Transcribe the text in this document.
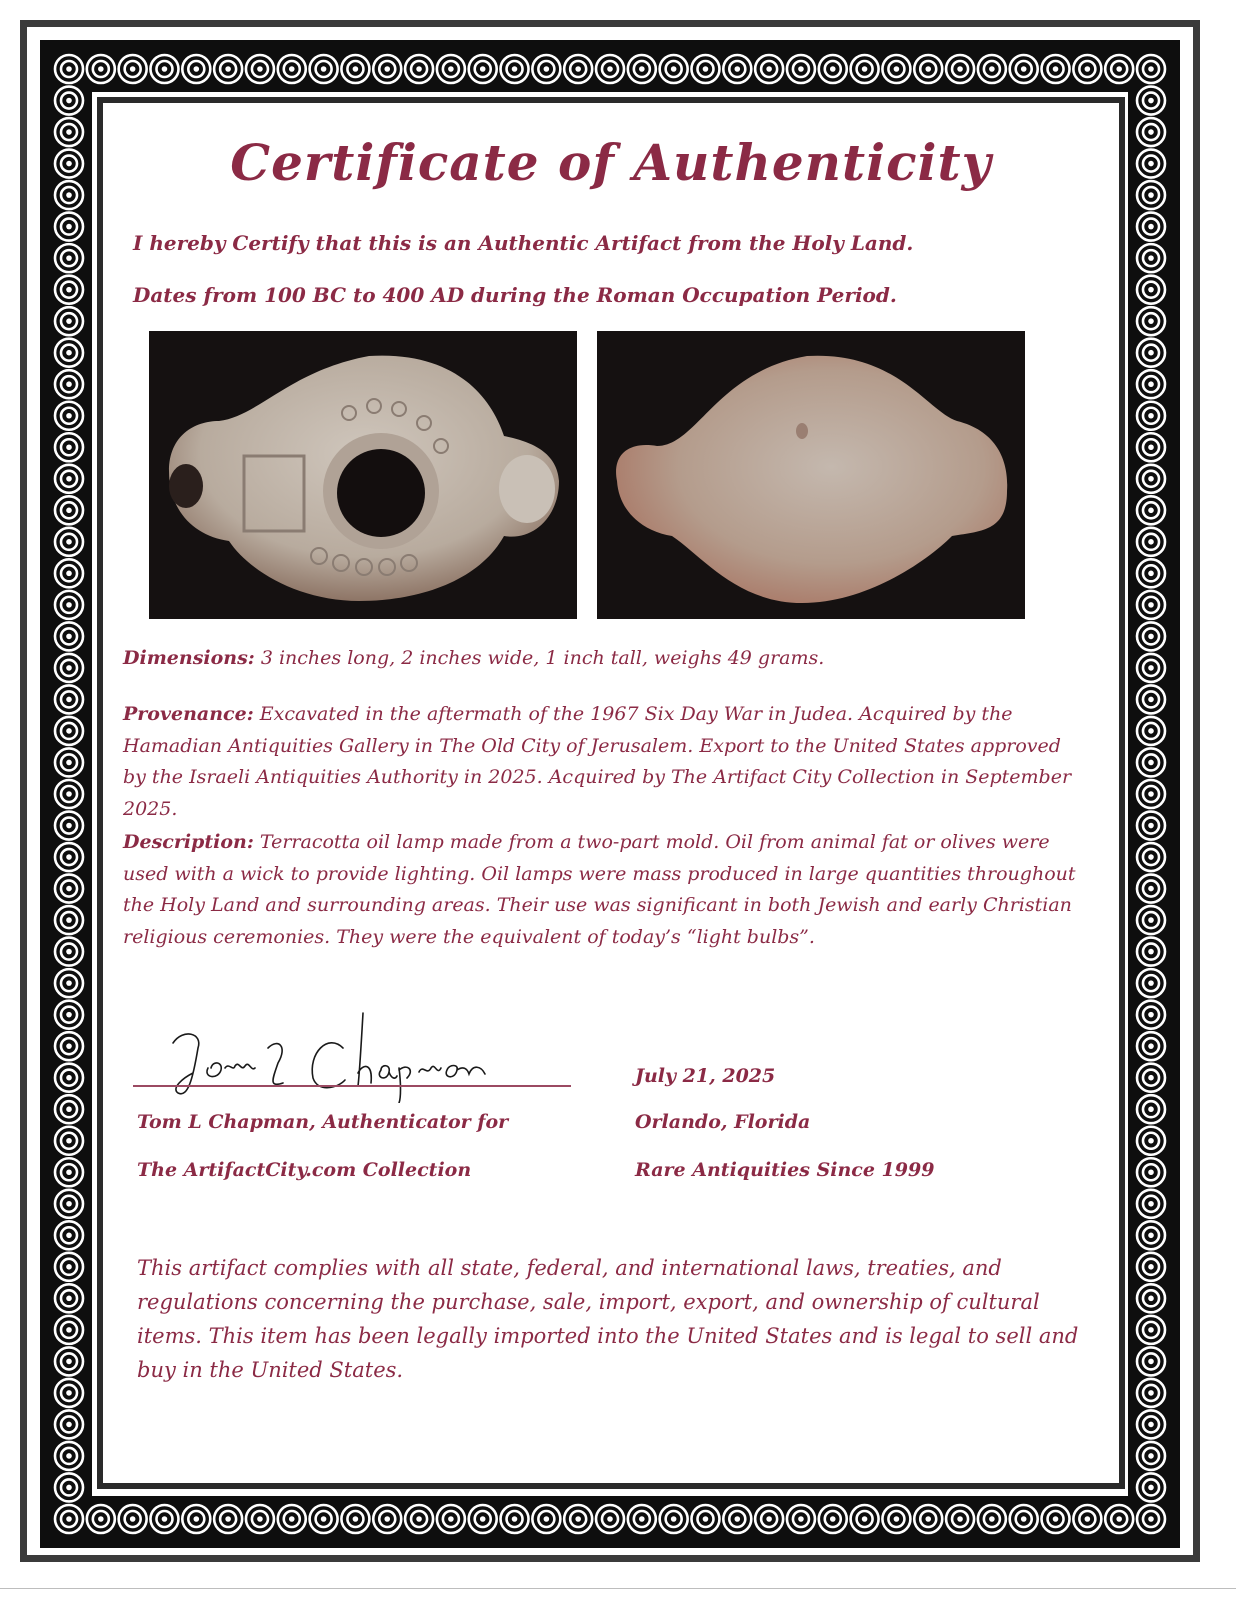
Certificate of Authenticity
I hereby Certify that this is an Authentic Artifact from the Holy Land.
Dates from 100 BC to 400 AD during the Roman Occupation Period.
Dimensions: 3 inches long, 2 inches wide, 1 inch tall, weighs 49 grams.
Provenance: Excavated in the aftermath of the 1967 Six Day War in Judea. Acquired by the Hamadian Antiquities Gallery in The Old City of Jerusalem. Export to the United States approved by the Israeli Antiquities Authority in 2025. Acquired by The Artifact City Collection in September 2025.
Description: Terracotta oil lamp made from a two-part mold. Oil from animal fat or olives were used with a wick to provide lighting. Oil lamps were mass produced in large quantities throughout the Holy Land and surrounding areas. Their use was significant in both Jewish and early Christian religious ceremonies. They were the equivalent of today’s “light bulbs”.
Tom L Chapman, Authenticator for
The ArtifactCity.com Collection
July 21, 2025
Orlando, Florida
Rare Antiquities Since 1999
This artifact complies with all state, federal, and international laws, treaties, and regulations concerning the purchase, sale, import, export, and ownership of cultural items. This item has been legally imported into the United States and is legal to sell and buy in the United States.
